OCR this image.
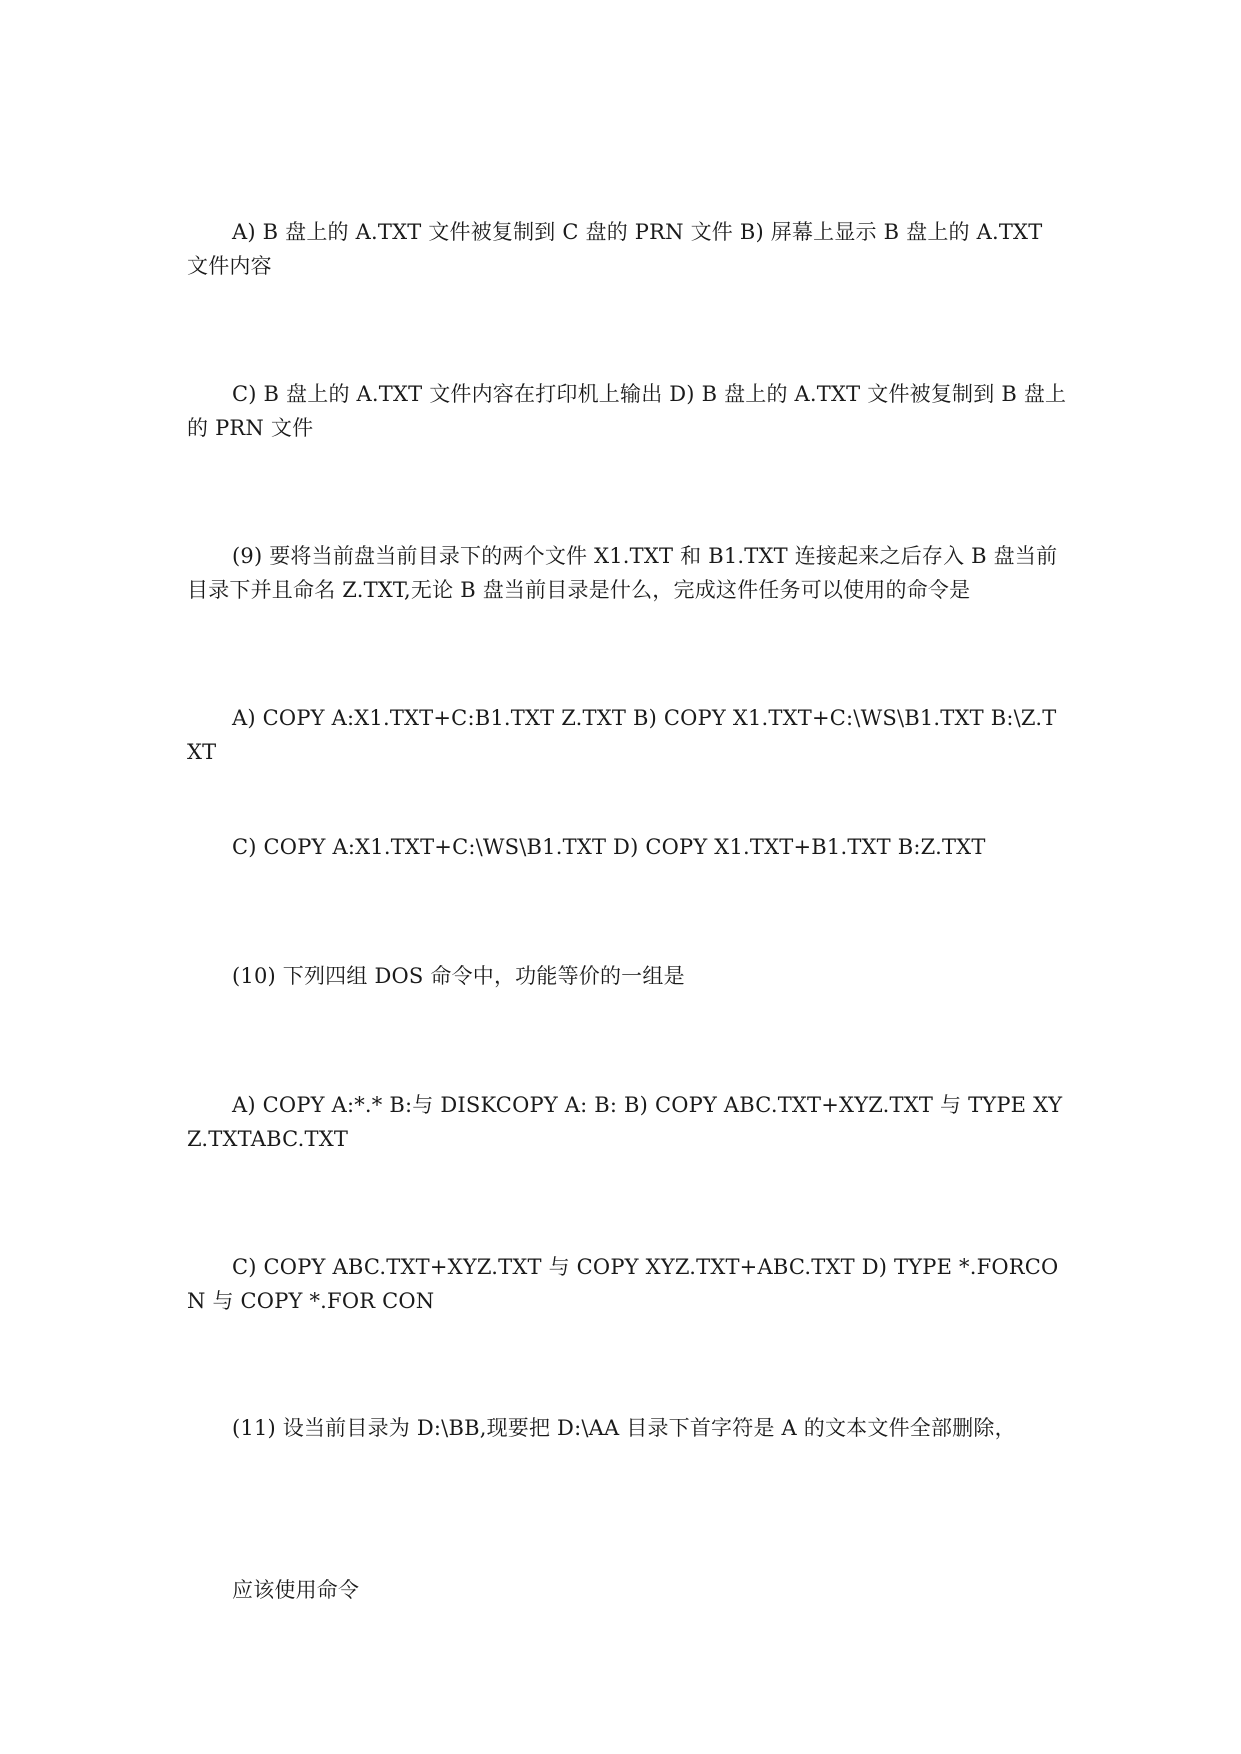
A) B 盘上的 A.TXT 文件被复制到 C 盘的 PRN 文件 B) 屏幕上显示 B 盘上的 A.TXT 文件内容

C) B 盘上的 A.TXT 文件内容在打印机上输出 D) B 盘上的 A.TXT 文件被复制到 B 盘上的 PRN 文件

(9) 要将当前盘当前目录下的两个文件 X1.TXT 和 B1.TXT 连接起来之后存入 B 盘当前目录下并且命名 Z.TXT,无论 B 盘当前目录是什么，完成这件任务可以使用的命令是

A) COPY A:X1.TXT+C:B1.TXT Z.TXT B) COPY X1.TXT+C:\WS\B1.TXT B:\Z.TXT

C) COPY A:X1.TXT+C:\WS\B1.TXT D) COPY X1.TXT+B1.TXT B:Z.TXT

(10) 下列四组 DOS 命令中，功能等价的一组是

A) COPY A:*.* B:与 DISKCOPY A: B: B) COPY ABC.TXT+XYZ.TXT 与 TYPE XYZ.TXTABC.TXT

C) COPY ABC.TXT+XYZ.TXT 与 COPY XYZ.TXT+ABC.TXT D) TYPE *.FORCON 与 COPY *.FOR CON

(11) 设当前目录为 D:\BB,现要把 D:\AA 目录下首字符是 A 的文本文件全部删除，

应该使用命令
